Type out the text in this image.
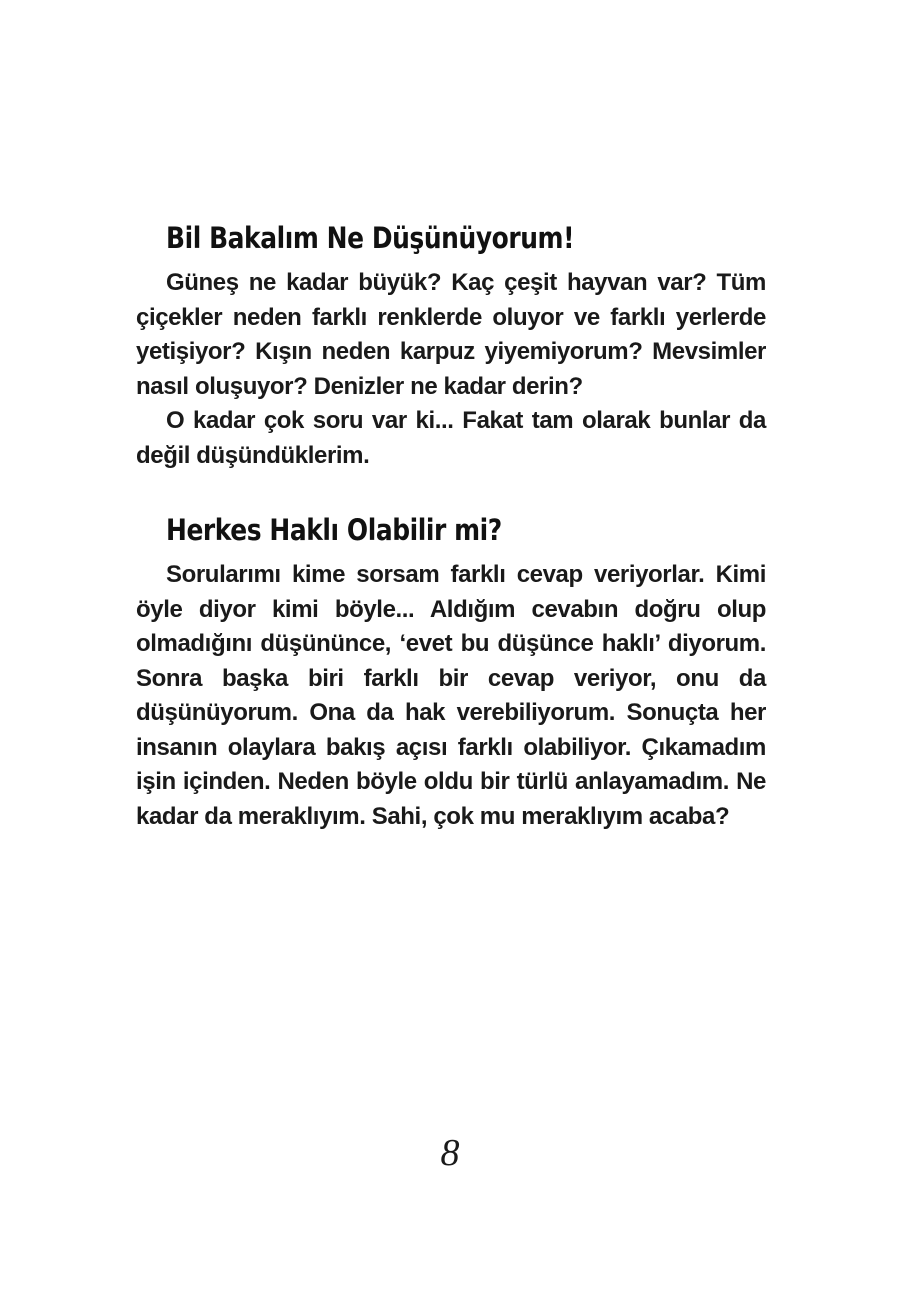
Bil Bakalım Ne Düşünüyorum!

Güneş ne kadar büyük? Kaç çeşit hayvan var? Tüm çiçekler neden farklı renklerde oluyor ve farklı yerlerde yetişiyor? Kışın neden karpuz yiyemiyorum? Mevsimler nasıl oluşuyor? Denizler ne kadar derin?

O kadar çok soru var ki... Fakat tam olarak bunlar da değil düşündüklerim.

Herkes Haklı Olabilir mi?

Sorularımı kime sorsam farklı cevap veriyorlar. Kimi öyle diyor kimi böyle... Aldığım cevabın doğru olup olmadığını düşününce, ‘evet bu düşünce haklı’ diyorum. Sonra başka biri farklı bir cevap veriyor, onu da düşünüyorum. Ona da hak verebiliyorum. Sonuçta her insanın olaylara bakış açısı farklı olabiliyor. Çıkamadım işin içinden. Neden böyle oldu bir türlü anlayamadım. Ne kadar da meraklıyım. Sahi, çok mu meraklıyım acaba?

8
